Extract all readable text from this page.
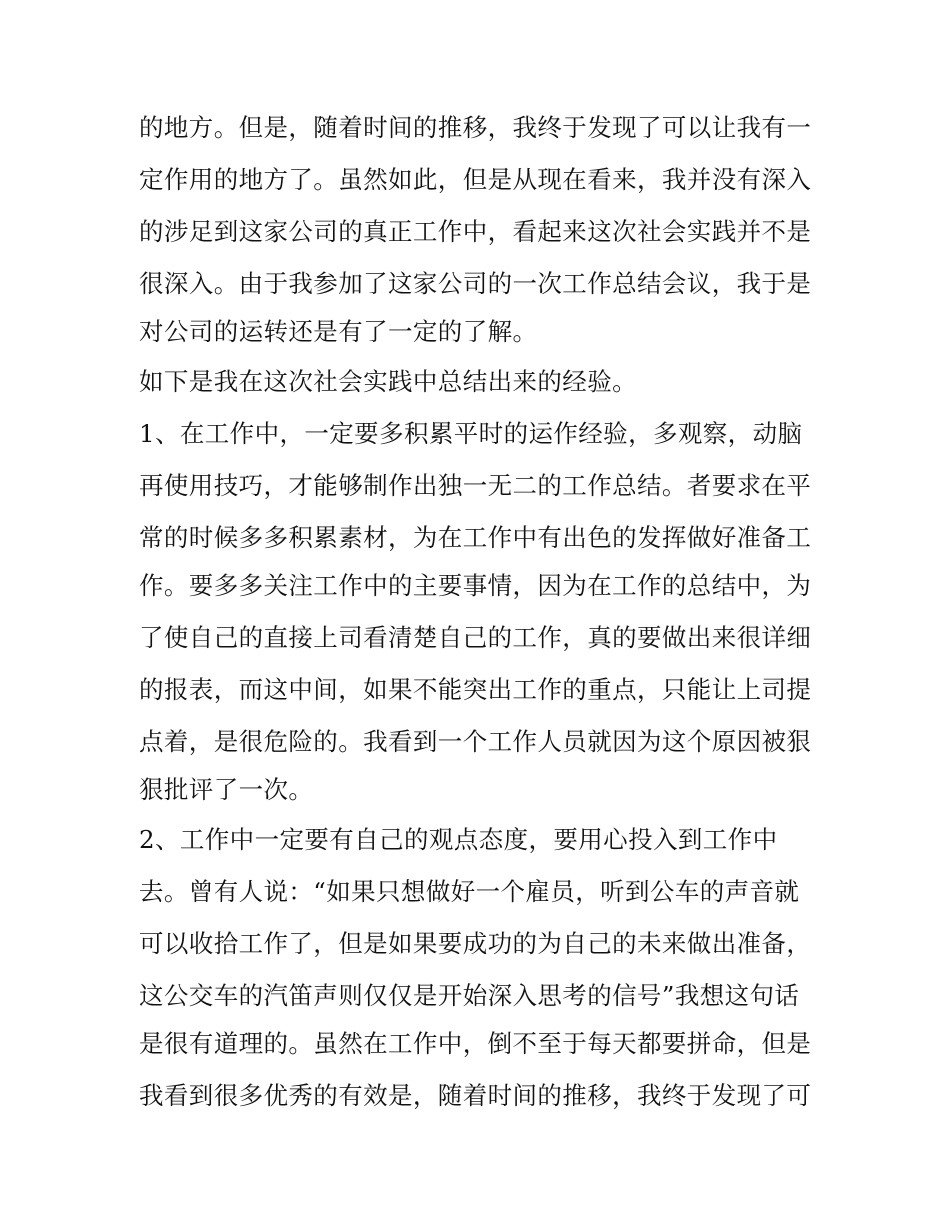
的地方。但是，随着时间的推移，我终于发现了可以让我有一
定作用的地方了。虽然如此，但是从现在看来，我并没有深入
的涉足到这家公司的真正工作中，看起来这次社会实践并不是
很深入。由于我参加了这家公司的一次工作总结会议，我于是
对公司的运转还是有了一定的了解。
如下是我在这次社会实践中总结出来的经验。
1、在工作中，一定要多积累平时的运作经验，多观察，动脑
再使用技巧，才能够制作出独一无二的工作总结。者要求在平
常的时候多多积累素材，为在工作中有出色的发挥做好准备工
作。要多多关注工作中的主要事情，因为在工作的总结中，为
了使自己的直接上司看清楚自己的工作，真的要做出来很详细
的报表，而这中间，如果不能突出工作的重点，只能让上司提
点着，是很危险的。我看到一个工作人员就因为这个原因被狠
狠批评了一次。
2、工作中一定要有自己的观点态度，要用心投入到工作中
去。曾有人说：“如果只想做好一个雇员，听到公车的声音就
可以收拾工作了，但是如果要成功的为自己的未来做出准备，
这公交车的汽笛声则仅仅是开始深入思考的信号”我想这句话
是很有道理的。虽然在工作中，倒不至于每天都要拼命，但是
我看到很多优秀的有效是，随着时间的推移，我终于发现了可
